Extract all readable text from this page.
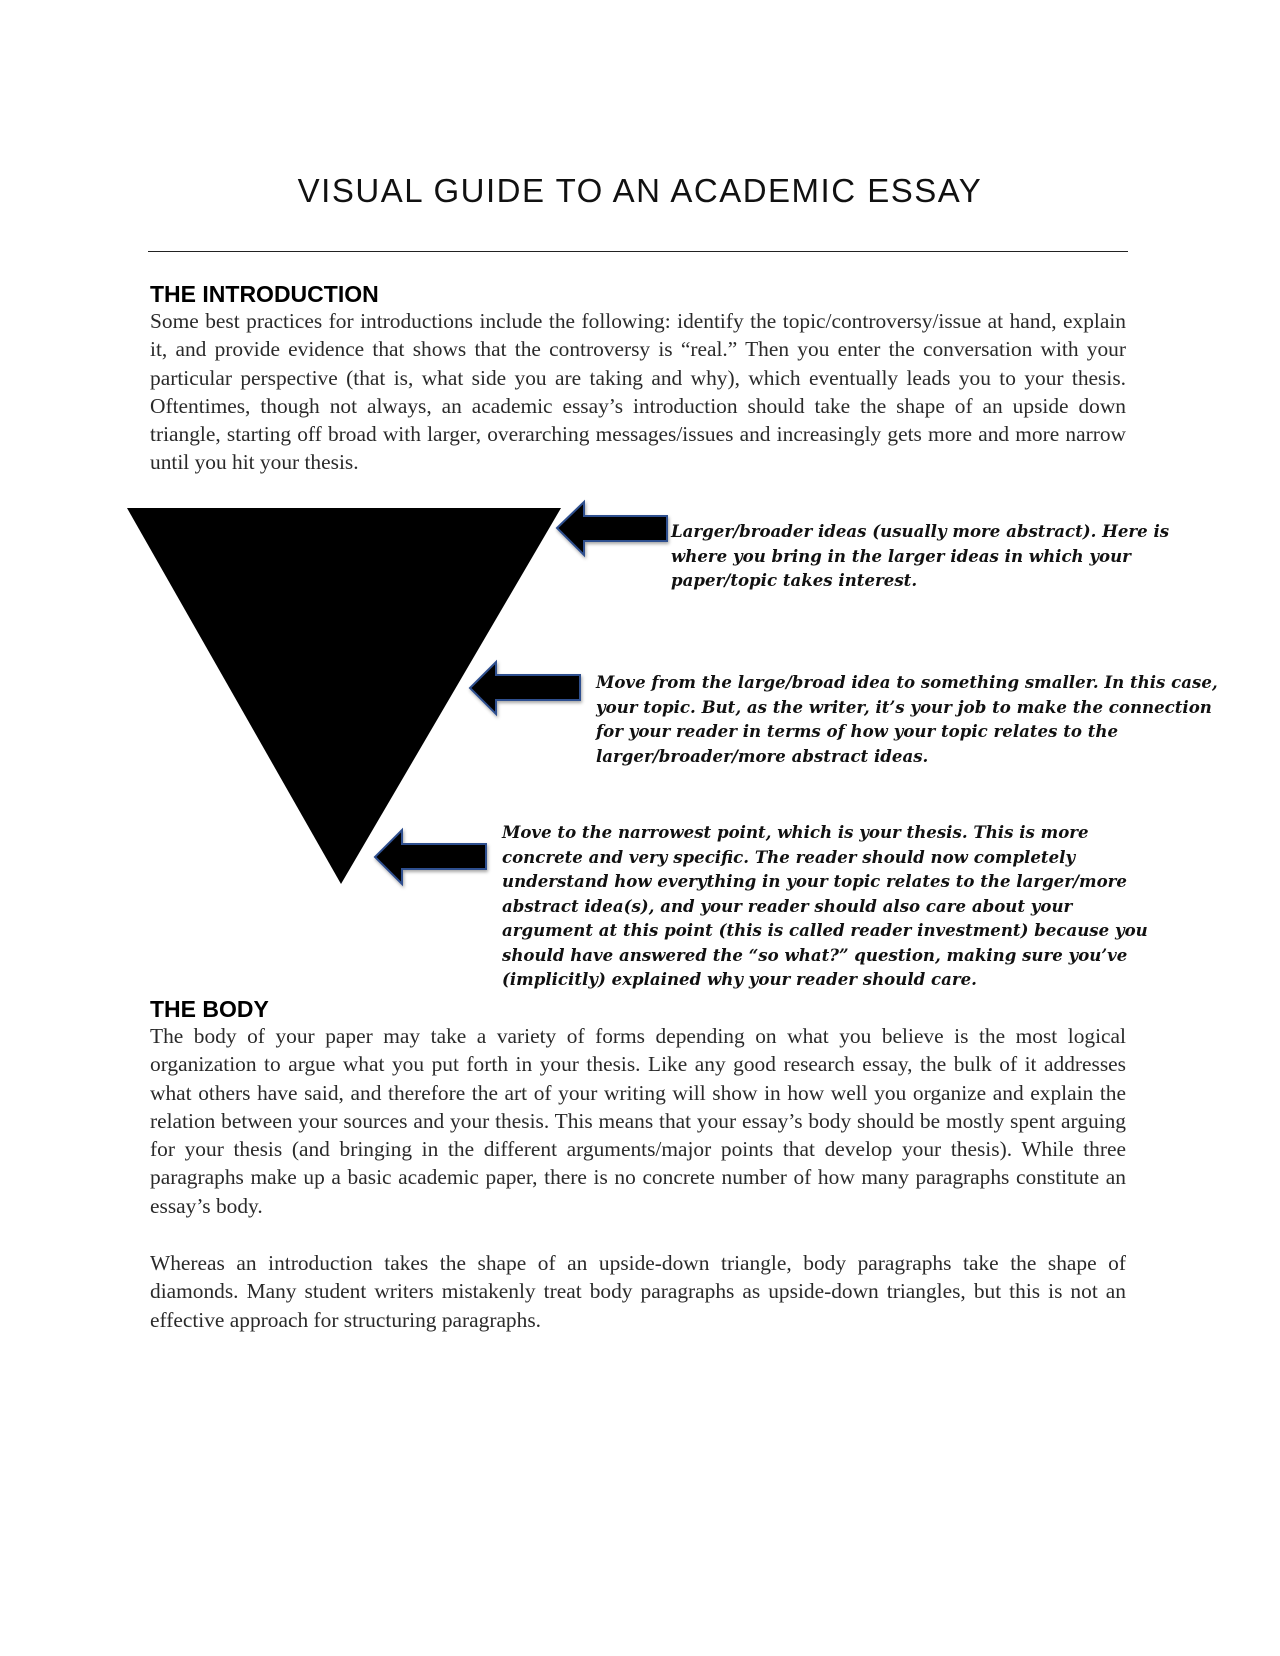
VISUAL GUIDE TO AN ACADEMIC ESSAY
THE INTRODUCTION

Some best practices for introductions include the following: identify the topic/controversy/issue at hand, explain it, and provide evidence that shows that the controversy is “real.” Then you enter the conversation with your particular perspective (that is, what side you are taking and why), which eventually leads you to your thesis. Oftentimes, though not always, an academic essay’s introduction should take the shape of an upside down triangle, starting off broad with larger, overarching messages/issues and increasingly gets more and more narrow until you hit your thesis.

Larger/broader ideas (usually more abstract). Here is where you bring in the larger ideas in which your paper/topic takes interest.

Move from the large/broad idea to something smaller. In this case, your topic. But, as the writer, it’s your job to make the connection for your reader in terms of how your topic relates to the larger/broader/more abstract ideas.

Move to the narrowest point, which is your thesis. This is more concrete and very specific. The reader should now completely understand how everything in your topic relates to the larger/more abstract idea(s), and your reader should also care about your argument at this point (this is called reader investment) because you should have answered the “so what?” question, making sure you’ve (implicitly) explained why your reader should care.

THE BODY

The body of your paper may take a variety of forms depending on what you believe is the most logical organization to argue what you put forth in your thesis. Like any good research essay, the bulk of it addresses what others have said, and therefore the art of your writing will show in how well you organize and explain the relation between your sources and your thesis. This means that your essay’s body should be mostly spent arguing for your thesis (and bringing in the different arguments/major points that develop your thesis). While three paragraphs make up a basic academic paper, there is no concrete number of how many paragraphs constitute an essay’s body.

Whereas an introduction takes the shape of an upside-down triangle, body paragraphs take the shape of diamonds. Many student writers mistakenly treat body paragraphs as upside-down triangles, but this is not an effective approach for structuring paragraphs.
